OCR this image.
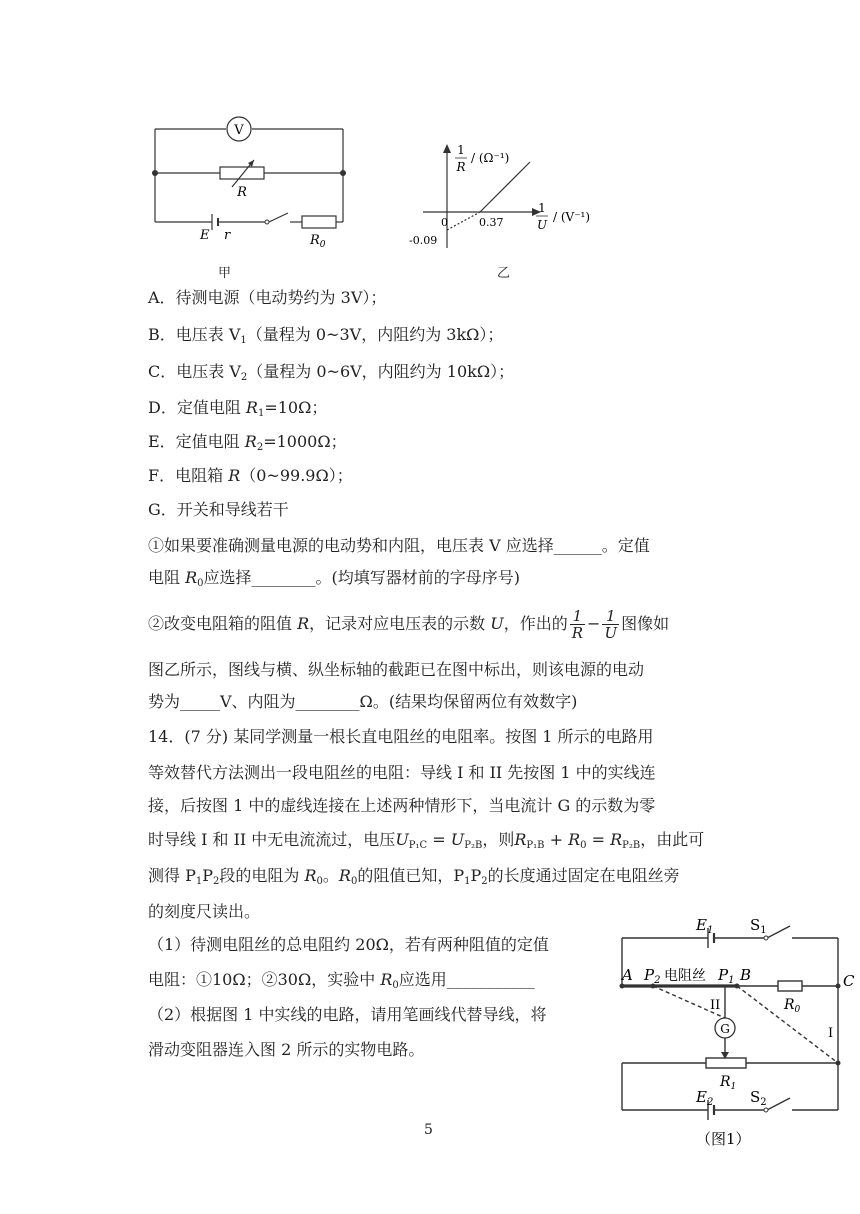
V
R
E r	$R_0$
甲
1
R
/ (Ω⁻¹)
1
U
/ (V⁻¹)
0	0.37
-0.09
乙
A．待测电源（电动势约为 3V）；
B．电压表 $V_1$（量程为 0~3V，内阻约为 3kΩ）；
C．电压表 $V_2$（量程为 0~6V，内阻约为 10kΩ）；
D．定值电阻 $R_1=10\Omega$；
E．定值电阻 $R_2=1000\Omega$；
F．电阻箱 R（0~99.9Ω）；
G．开关和导线若干
①如果要准确测量电源的电动势和内阻，电压表 V 应选择______。定值
电阻 $R_0$应选择________。(均填写器材前的字母序号)
②改变电阻箱的阻值 R，记录对应电压表的示数 U，作出的 $\frac{1}{R} - \frac{1}{U}$ 图像如
图乙所示，图线与横、纵坐标轴的截距已在图中标出，则该电源的电动
势为_____V、内阻为________Ω。(结果均保留两位有效数字)
14．(7 分) 某同学测量一根长直电阻丝的电阻率。按图 1 所示的电路用
等效替代方法测出一段电阻丝的电阻：导线 I 和 II 先按图 1 中的实线连
接，后按图 1 中的虚线连接在上述两种情形下，当电流计 G 的示数为零
时导线 I 和 II 中无电流流过，电压$U_{P_1C} = U_{P_2B}$，则$R_{P_1B} + R_0 = R_{P_2B}$，由此可
测得 $P_1P_2$段的电阻为 $R_0$。$R_0$的阻值已知，$P_1P_2$的长度通过固定在电阻丝旁
的刻度尺读出。
（1）待测电阻丝的总电阻约 20Ω，若有两种阻值的定值
电阻：①10Ω；②30Ω，实验中 $R_0$应选用___________
（2）根据图 1 中实线的电路，请用笔画线代替导线，将
滑动变阻器连入图 2 所示的实物电路。
$E_1$ $S_1$
A $P_2$ 电阻丝 $P_1$ B	C
$R_0$
II
I
G
$R_1$
$E_2$ $S_2$
（图1）
5
